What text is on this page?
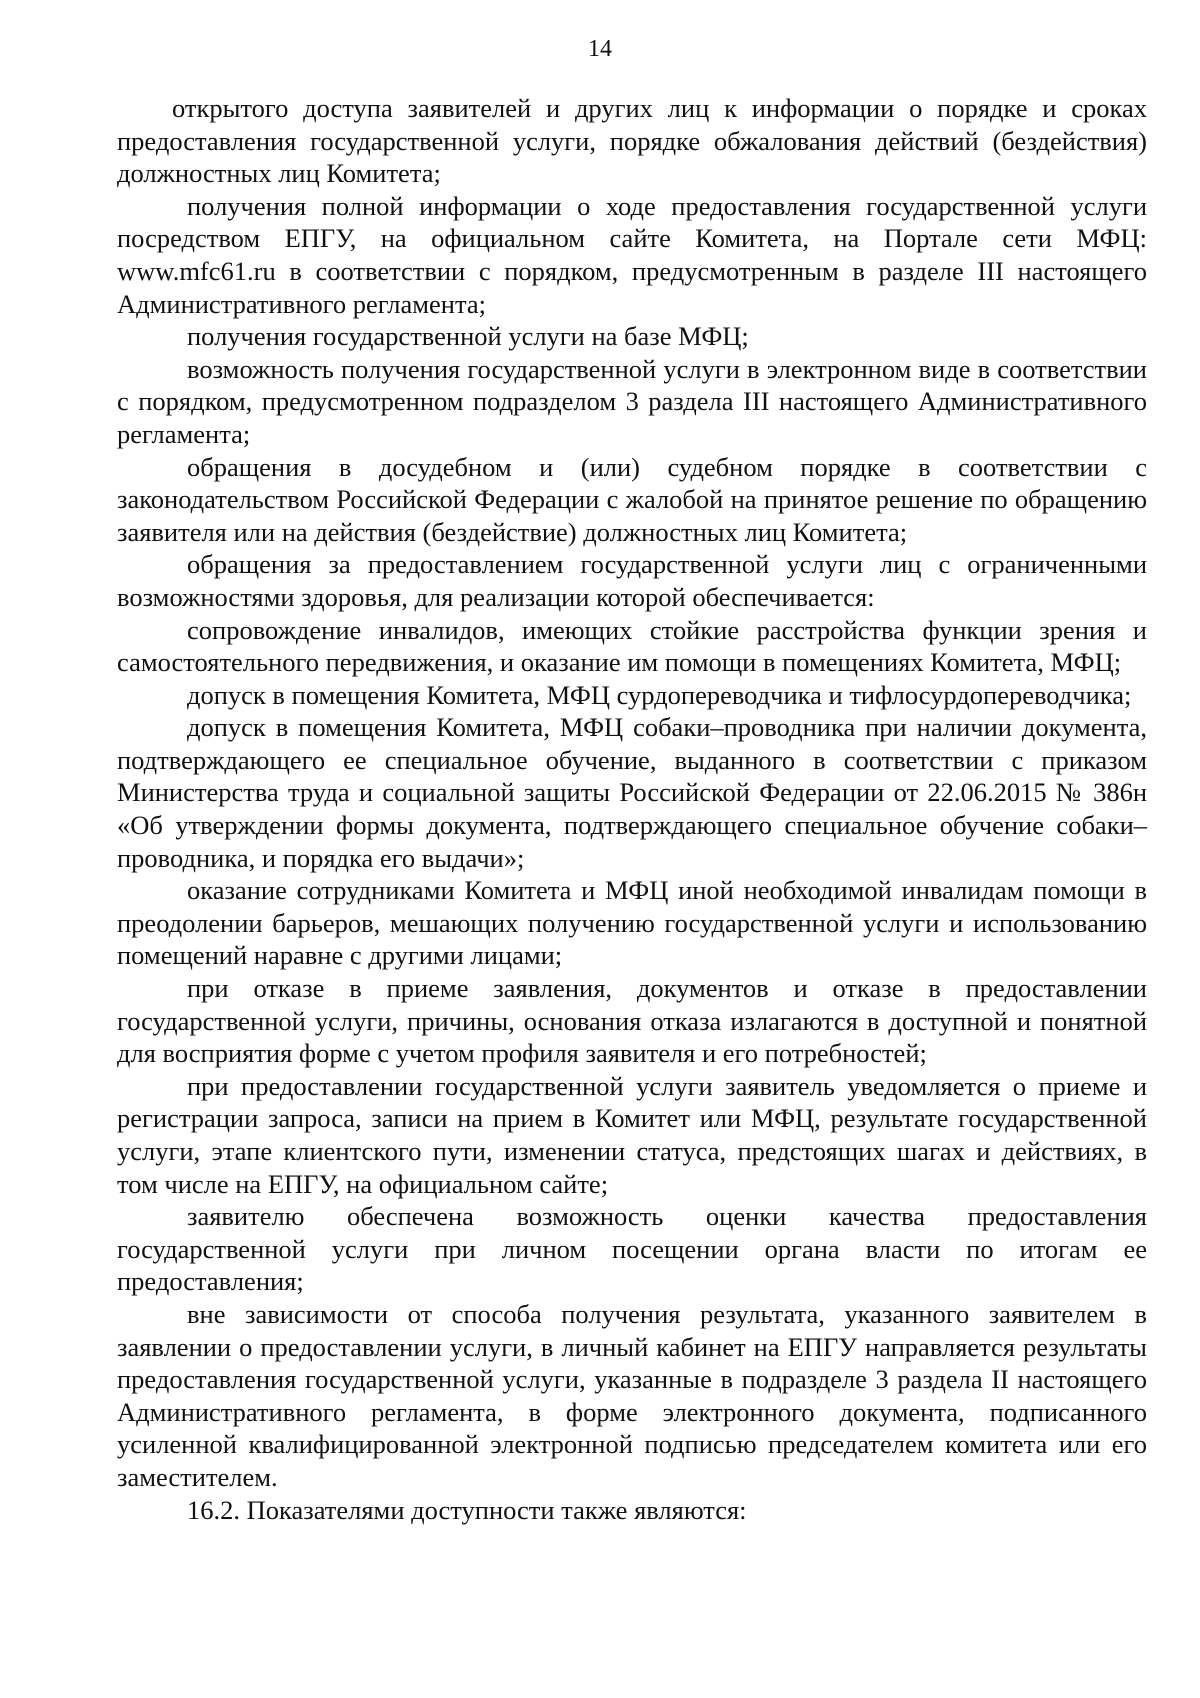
14

открытого доступа заявителей и других лиц к информации о порядке и сроках предоставления государственной услуги, порядке обжалования действий (бездействия) должностных лиц Комитета;

получения полной информации о ходе предоставления государственной услуги посредством ЕПГУ, на официальном сайте Комитета, на Портале сети МФЦ: www.mfc61.ru в соответствии с порядком, предусмотренным в разделе III настоящего Административного регламента;

получения государственной услуги на базе МФЦ;

возможность получения государственной услуги в электронном виде в соответствии с порядком, предусмотренном подразделом 3 раздела III настоящего Административного регламента;

обращения в досудебном и (или) судебном порядке в соответствии с законодательством Российской Федерации с жалобой на принятое решение по обращению заявителя или на действия (бездействие) должностных лиц Комитета;

обращения за предоставлением государственной услуги лиц с ограниченными возможностями здоровья, для реализации которой обеспечивается:

сопровождение инвалидов, имеющих стойкие расстройства функции зрения и самостоятельного передвижения, и оказание им помощи в помещениях Комитета, МФЦ;

допуск в помещения Комитета, МФЦ сурдопереводчика и тифлосурдопереводчика;

допуск в помещения Комитета, МФЦ собаки–проводника при наличии документа, подтверждающего ее специальное обучение, выданного в соответствии с приказом Министерства труда и социальной защиты Российской Федерации от 22.06.2015 № 386н «Об утверждении формы документа, подтверждающего специальное обучение собаки–проводника, и порядка его выдачи»;

оказание сотрудниками Комитета и МФЦ иной необходимой инвалидам помощи в преодолении барьеров, мешающих получению государственной услуги и использованию помещений наравне с другими лицами;

при отказе в приеме заявления, документов и отказе в предоставлении государственной услуги, причины, основания отказа излагаются в доступной и понятной для восприятия форме с учетом профиля заявителя и его потребностей;

при предоставлении государственной услуги заявитель уведомляется о приеме и регистрации запроса, записи на прием в Комитет или МФЦ, результате государственной услуги, этапе клиентского пути, изменении статуса, предстоящих шагах и действиях, в том числе на ЕПГУ, на официальном сайте;

заявителю обеспечена возможность оценки качества предоставления государственной услуги при личном посещении органа власти по итогам ее предоставления;

вне зависимости от способа получения результата, указанного заявителем в заявлении о предоставлении услуги, в личный кабинет на ЕПГУ направляется результаты предоставления государственной услуги, указанные в подразделе 3 раздела II настоящего Административного регламента, в форме электронного документа, подписанного усиленной квалифицированной электронной подписью председателем комитета или его заместителем.

16.2. Показателями доступности также являются:
